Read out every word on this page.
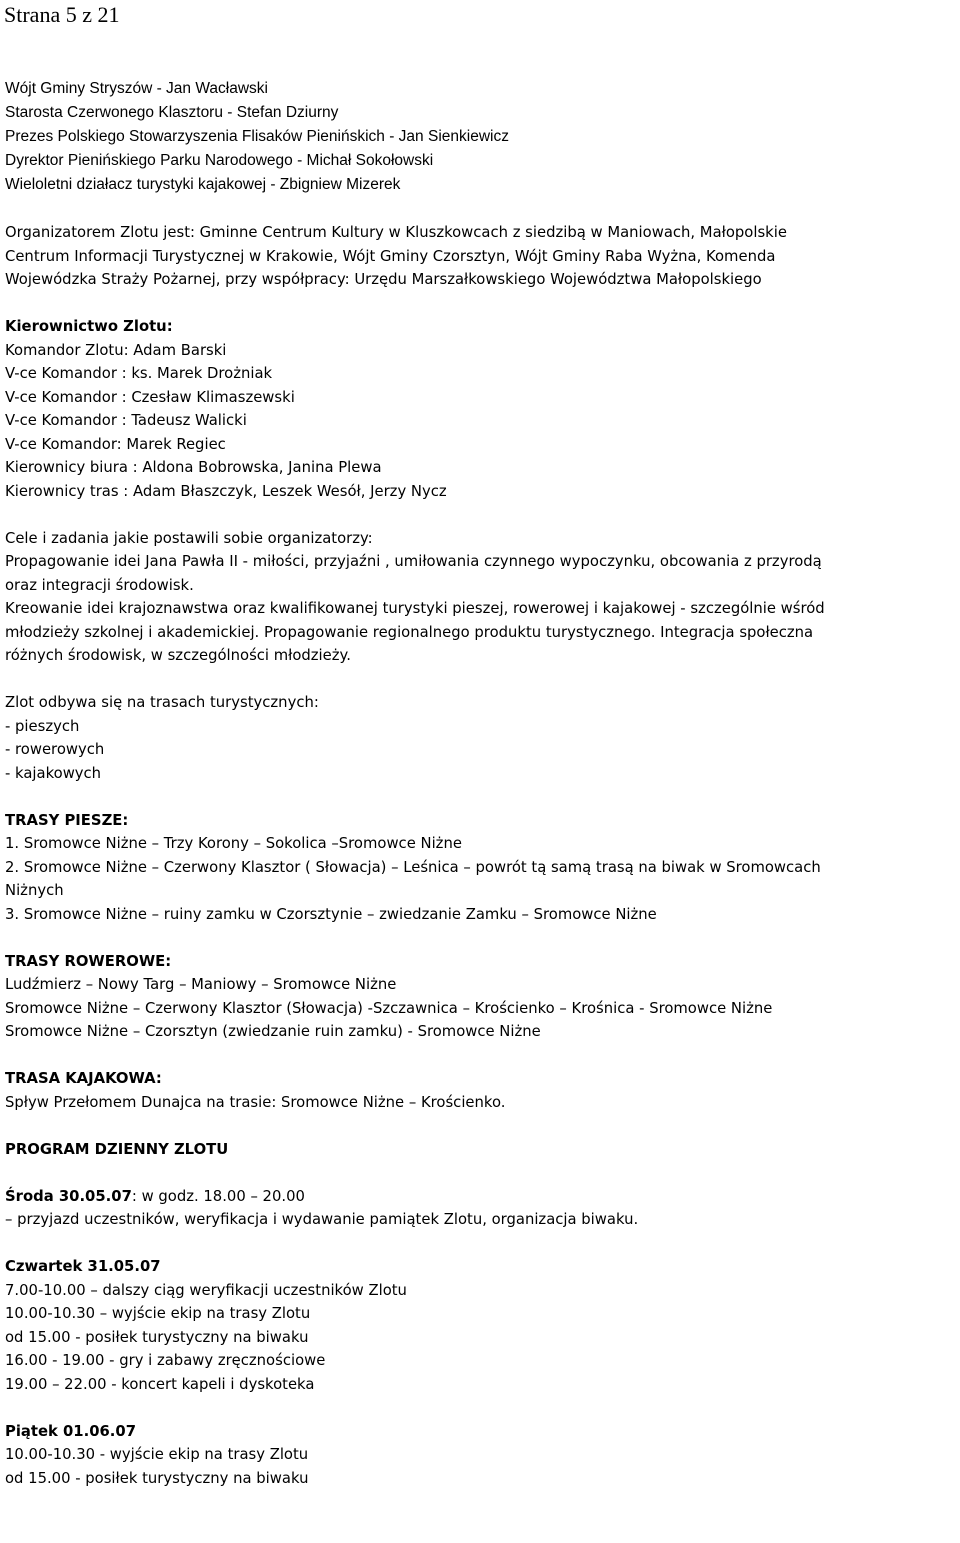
Strana 5 z 21
Wójt Gminy Stryszów - Jan Wacławski
Starosta Czerwonego Klasztoru - Stefan Dziurny
Prezes Polskiego Stowarzyszenia Flisaków Pienińskich - Jan Sienkiewicz
Dyrektor Pienińskiego Parku Narodowego - Michał Sokołowski
Wieloletni działacz turystyki kajakowej - Zbigniew Mizerek
Organizatorem Zlotu jest: Gminne Centrum Kultury w Kluszkowcach z siedzibą w Maniowach, Małopolskie
Centrum Informacji Turystycznej w Krakowie, Wójt Gminy Czorsztyn, Wójt Gminy Raba Wyżna, Komenda
Wojewódzka Straży Pożarnej, przy współpracy: Urzędu Marszałkowskiego Województwa Małopolskiego
Kierownictwo Zlotu:
Komandor Zlotu: Adam Barski
V-ce Komandor : ks. Marek Drożniak
V-ce Komandor : Czesław Klimaszewski
V-ce Komandor : Tadeusz Walicki
V-ce Komandor: Marek Regiec
Kierownicy biura : Aldona Bobrowska, Janina Plewa
Kierownicy tras : Adam Błaszczyk, Leszek Wesół, Jerzy Nycz
Cele i zadania jakie postawili sobie organizatorzy:
Propagowanie idei Jana Pawła II - miłości, przyjaźni , umiłowania czynnego wypoczynku, obcowania z przyrodą
oraz integracji środowisk.
Kreowanie idei krajoznawstwa oraz kwalifikowanej turystyki pieszej, rowerowej i kajakowej - szczególnie wśród
młodzieży szkolnej i akademickiej. Propagowanie regionalnego produktu turystycznego. Integracja społeczna
różnych środowisk, w szczególności młodzieży.
Zlot odbywa się na trasach turystycznych:
- pieszych
- rowerowych
- kajakowych
TRASY PIESZE:
1. Sromowce Niżne – Trzy Korony – Sokolica –Sromowce Niżne
2. Sromowce Niżne – Czerwony Klasztor ( Słowacja) – Leśnica – powrót tą samą trasą na biwak w Sromowcach
Niżnych
3. Sromowce Niżne – ruiny zamku w Czorsztynie – zwiedzanie Zamku – Sromowce Niżne
TRASY ROWEROWE:
Ludźmierz – Nowy Targ – Maniowy – Sromowce Niżne
Sromowce Niżne – Czerwony Klasztor (Słowacja) -Szczawnica – Krościenko – Krośnica - Sromowce Niżne
Sromowce Niżne – Czorsztyn (zwiedzanie ruin zamku) - Sromowce Niżne
TRASA KAJAKOWA:
Spływ Przełomem Dunajca na trasie: Sromowce Niżne – Krościenko.
PROGRAM DZIENNY ZLOTU
Środa 30.05.07: w godz. 18.00 – 20.00
– przyjazd uczestników, weryfikacja i wydawanie pamiątek Zlotu, organizacja biwaku.
Czwartek 31.05.07
7.00-10.00 – dalszy ciąg weryfikacji uczestników Zlotu
10.00-10.30 – wyjście ekip na trasy Zlotu
od 15.00 - posiłek turystyczny na biwaku
16.00 - 19.00 - gry i zabawy zręcznościowe
19.00 – 22.00 - koncert kapeli i dyskoteka
Piątek 01.06.07
10.00-10.30 - wyjście ekip na trasy Zlotu
od 15.00 - posiłek turystyczny na biwaku
